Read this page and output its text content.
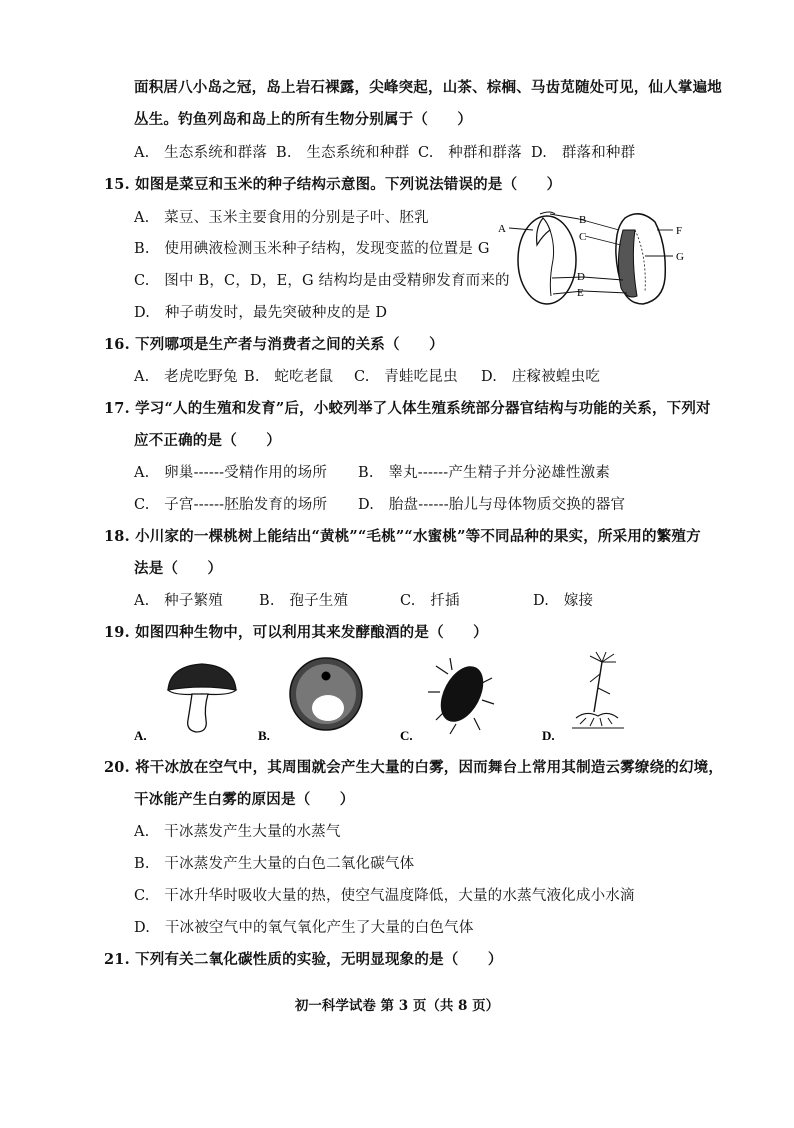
面积居八小岛之冠，岛上岩石裸露，尖峰突起，山茶、棕榈、马齿苋随处可见，仙人掌遍地
丛生。钓鱼列岛和岛上的所有生物分别属于（　　）
A.　生态系统和群落 B.　生态系统和种群 C.　种群和群落 D.　群落和种群
15. 如图是菜豆和玉米的种子结构示意图。下列说法错误的是（　　）
A.　菜豆、玉米主要食用的分别是子叶、胚乳
B.　使用碘液检测玉米种子结构，发现变蓝的位置是 G
C.　图中 B，C，D，E，G 结构均是由受精卵发育而来的
D.　种子萌发时，最先突破种皮的是 D
A
B
C
D
E
F
G
16. 下列哪项是生产者与消费者之间的关系（　　）
A.　老虎吃野兔 B.　蛇吃老鼠 C.　青蛙吃昆虫 D.　庄稼被蝗虫吃
17. 学习“人的生殖和发育”后，小蛟列举了人体生殖系统部分器官结构与功能的关系，下列对
应不正确的是（　　）
A.　卵巢------受精作用的场所 B.　睾丸------产生精子并分泌雄性激素
C.　子宫------胚胎发育的场所 D.　胎盘------胎儿与母体物质交换的器官
18. 小川家的一棵桃树上能结出“黄桃”“毛桃”“水蜜桃”等不同品种的果实，所采用的繁殖方
法是（　　）
A.　种子繁殖 B.　孢子生殖	C.　扦插	D.　嫁接
19. 如图四种生物中，可以利用其来发酵酿酒的是（　　）
A.	B.	C.	D.
20. 将干冰放在空气中，其周围就会产生大量的白雾，因而舞台上常用其制造云雾缭绕的幻境，
干冰能产生白雾的原因是（　　）
A.　干冰蒸发产生大量的水蒸气
B.　干冰蒸发产生大量的白色二氧化碳气体
C.　干冰升华时吸收大量的热，使空气温度降低，大量的水蒸气液化成小水滴
D.　干冰被空气中的氧气氧化产生了大量的白色气体
21. 下列有关二氧化碳性质的实验，无明显现象的是（　　）
初一科学试卷 第 3 页（共 8 页）
